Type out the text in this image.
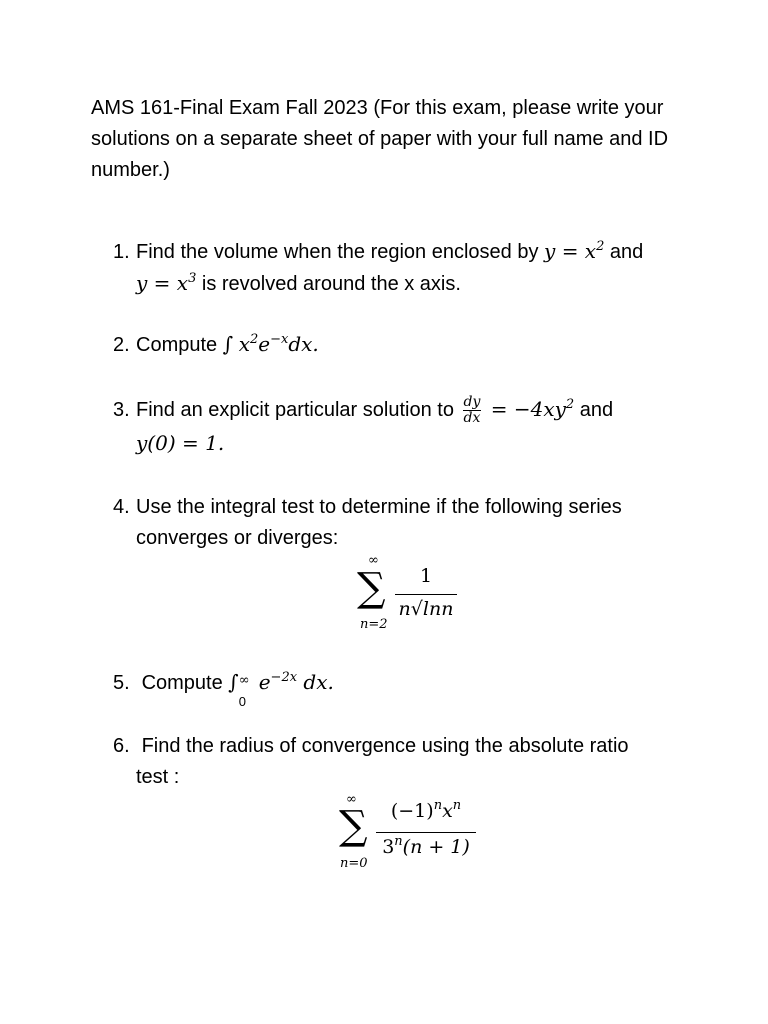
AMS 161-Final Exam Fall 2023 (For this exam, please write your solutions on a separate sheet of paper with your full name and ID number.)
1. Find the volume when the region enclosed by $y = x^2$ and
$y = x^3$ is revolved around the x axis.
2. Compute ∫ $x^2e^{-x}dx$.
3. Find an explicit particular solution to $\frac{dy}{dx} = -4xy^2$ and
y(0) = 1.
4. Use the integral test to determine if the following series
converges or diverges:
∞
∑
n=2
1
n√lnn
5. Compute ∫ ∞
0
$e^{-2x}$ dx.
6. Find the radius of convergence using the absolute ratio
test :
∞
∑
n=0
$(-1)^nx^n$
$3^n(n + 1)$
